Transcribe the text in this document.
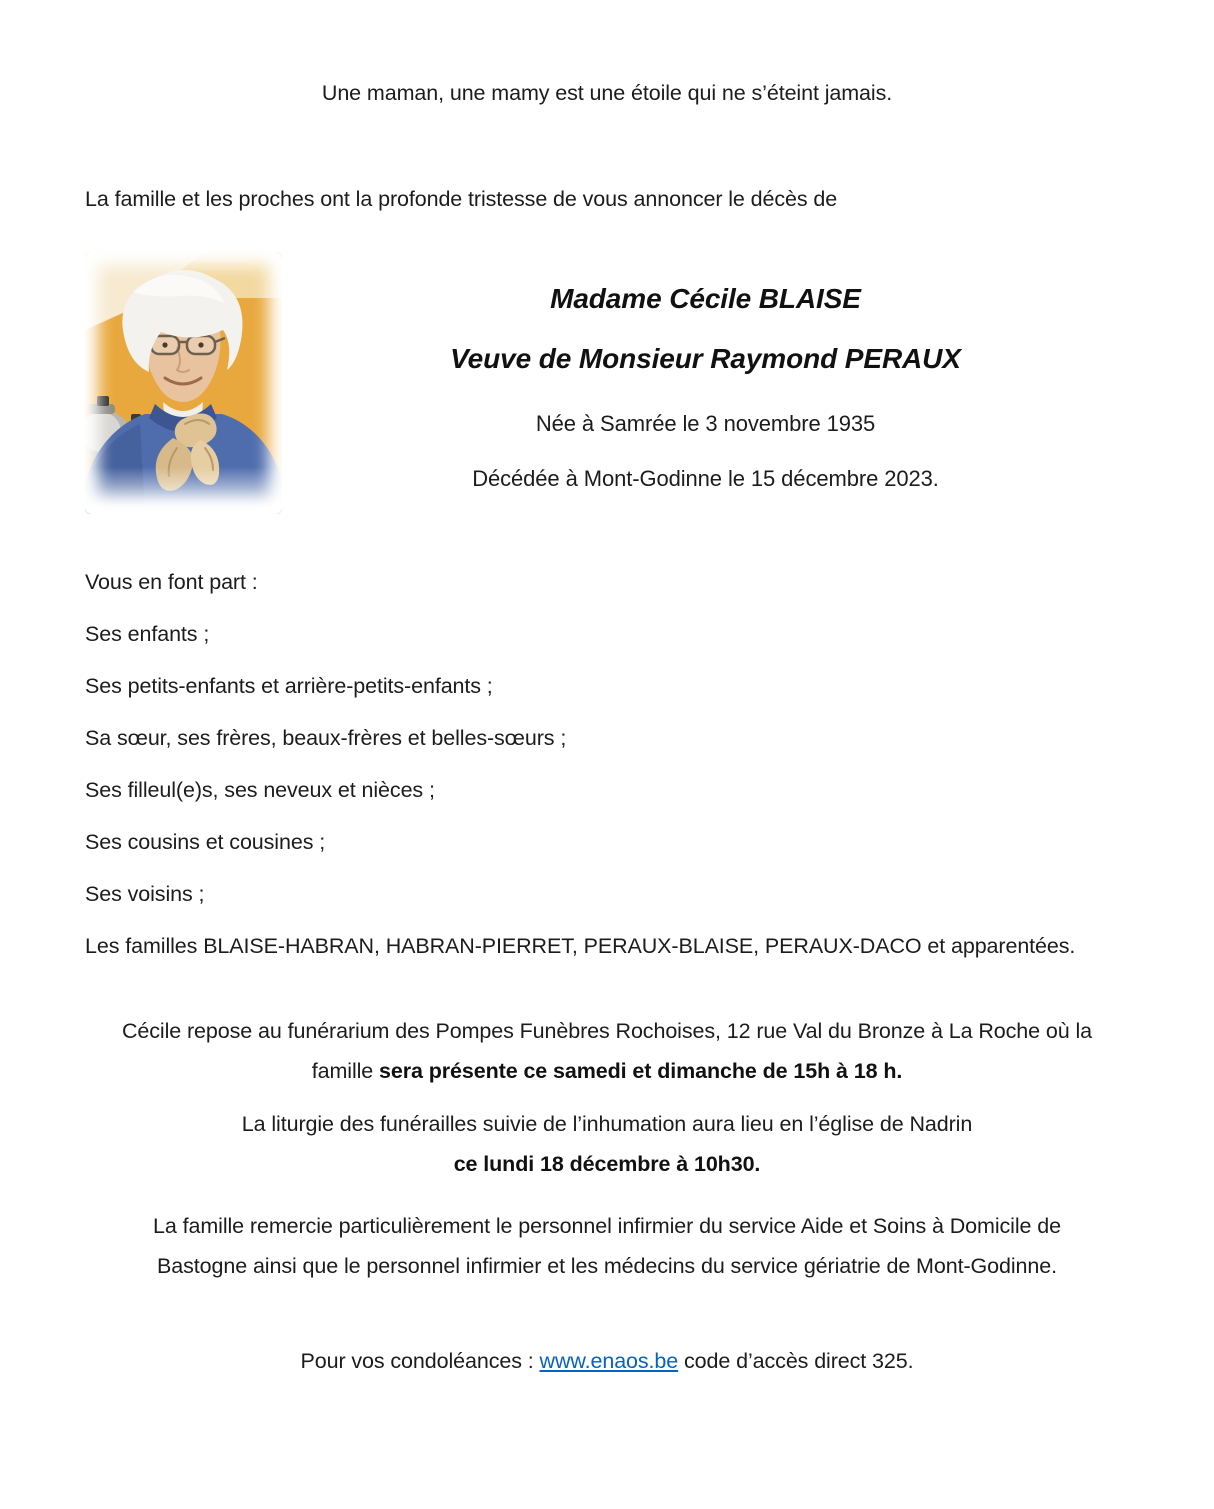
Une maman, une mamy est une étoile qui ne s’éteint jamais.

La famille et les proches ont la profonde tristesse de vous annoncer le décès de

Madame Cécile BLAISE

Veuve de Monsieur Raymond PERAUX

Née à Samrée le 3 novembre 1935

Décédée à Mont-Godinne le 15 décembre 2023.

Vous en font part :

Ses enfants ;

Ses petits-enfants et arrière-petits-enfants ;

Sa sœur, ses frères, beaux-frères et belles-sœurs ;

Ses filleul(e)s, ses neveux et nièces ;

Ses cousins et cousines ;

Ses voisins ;

Les familles BLAISE-HABRAN, HABRAN-PIERRET, PERAUX-BLAISE, PERAUX-DACO et apparentées.

Cécile repose au funérarium des Pompes Funèbres Rochoises, 12 rue Val du Bronze à La Roche où la
famille sera présente ce samedi et dimanche de 15h à 18 h.

La liturgie des funérailles suivie de l’inhumation aura lieu en l’église de Nadrin
ce lundi 18 décembre à 10h30.

La famille remercie particulièrement le personnel infirmier du service Aide et Soins à Domicile de
Bastogne ainsi que le personnel infirmier et les médecins du service gériatrie de Mont-Godinne.

Pour vos condoléances : www.enaos.be code d’accès direct 325.
